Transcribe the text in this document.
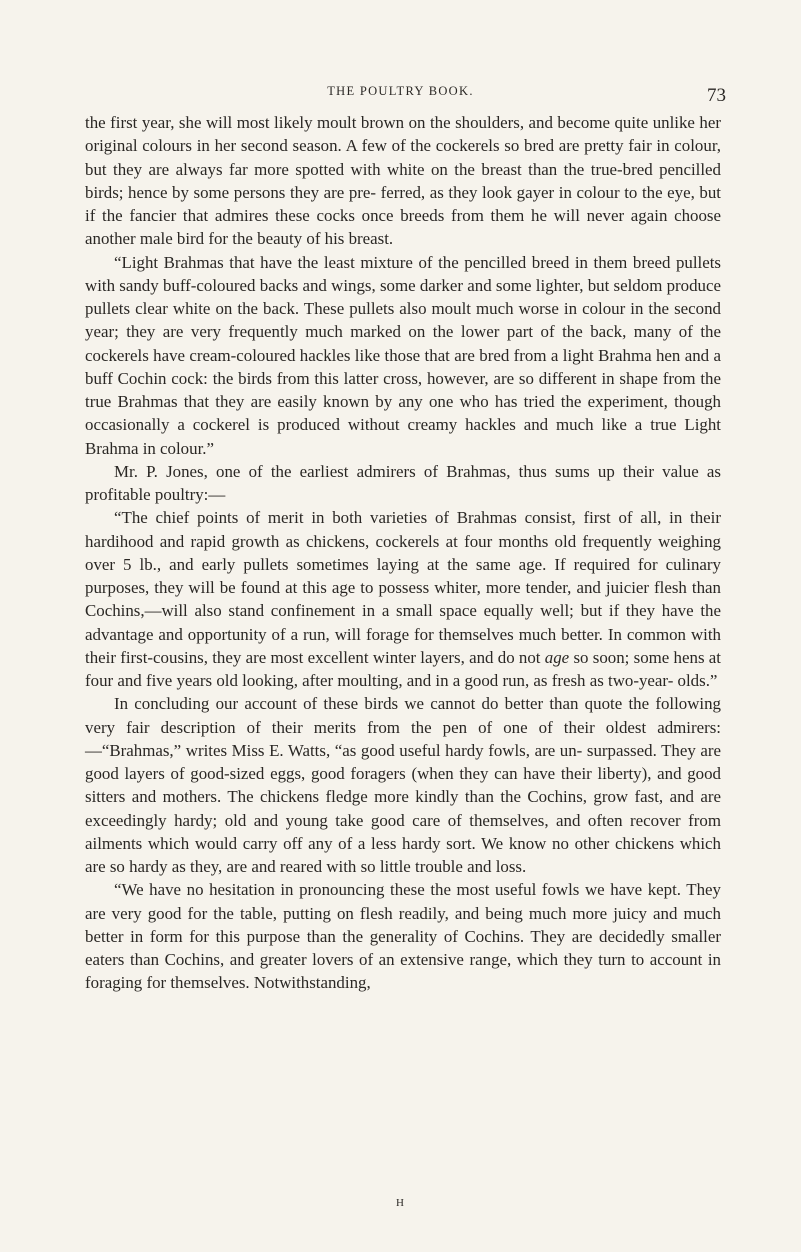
THE POULTRY BOOK.	73

the first year, she will most likely moult brown on the shoulders, and become quite unlike her original colours in her second season. A few of the cockerels so bred are pretty fair in colour, but they are always far more spotted with white on the breast than the true-bred pencilled birds; hence by some persons they are pre- ferred, as they look gayer in colour to the eye, but if the fancier that admires these cocks once breeds from them he will never again choose another male bird for the beauty of his breast.

“Light Brahmas that have the least mixture of the pencilled breed in them breed pullets with sandy buff-coloured backs and wings, some darker and some lighter, but seldom produce pullets clear white on the back. These pullets also moult much worse in colour in the second year; they are very frequently much marked on the lower part of the back, many of the cockerels have cream-coloured hackles like those that are bred from a light Brahma hen and a buff Cochin cock: the birds from this latter cross, however, are so different in shape from the true Brahmas that they are easily known by any one who has tried the experiment, though occasionally a cockerel is produced without creamy hackles and much like a true Light Brahma in colour.”

Mr. P. Jones, one of the earliest admirers of Brahmas, thus sums up their value as profitable poultry:—

“The chief points of merit in both varieties of Brahmas consist, first of all, in their hardihood and rapid growth as chickens, cockerels at four months old frequently weighing over 5 lb., and early pullets sometimes laying at the same age. If required for culinary purposes, they will be found at this age to possess whiter, more tender, and juicier flesh than Cochins,—will also stand confinement in a small space equally well; but if they have the advantage and opportunity of a run, will forage for themselves much better. In common with their first-cousins, they are most excellent winter layers, and do not age so soon; some hens at four and five years old looking, after moulting, and in a good run, as fresh as two-year- olds.”

In concluding our account of these birds we cannot do better than quote the following very fair description of their merits from the pen of one of their oldest admirers:—“Brahmas,” writes Miss E. Watts, “as good useful hardy fowls, are un- surpassed. They are good layers of good-sized eggs, good foragers (when they can have their liberty), and good sitters and mothers. The chickens fledge more kindly than the Cochins, grow fast, and are exceedingly hardy; old and young take good care of themselves, and often recover from ailments which would carry off any of a less hardy sort. We know no other chickens which are so hardy as they, are and reared with so little trouble and loss.

“We have no hesitation in pronouncing these the most useful fowls we have kept. They are very good for the table, putting on flesh readily, and being much more juicy and much better in form for this purpose than the generality of Cochins. They are decidedly smaller eaters than Cochins, and greater lovers of an extensive range, which they turn to account in foraging for themselves. Notwithstanding,

H
